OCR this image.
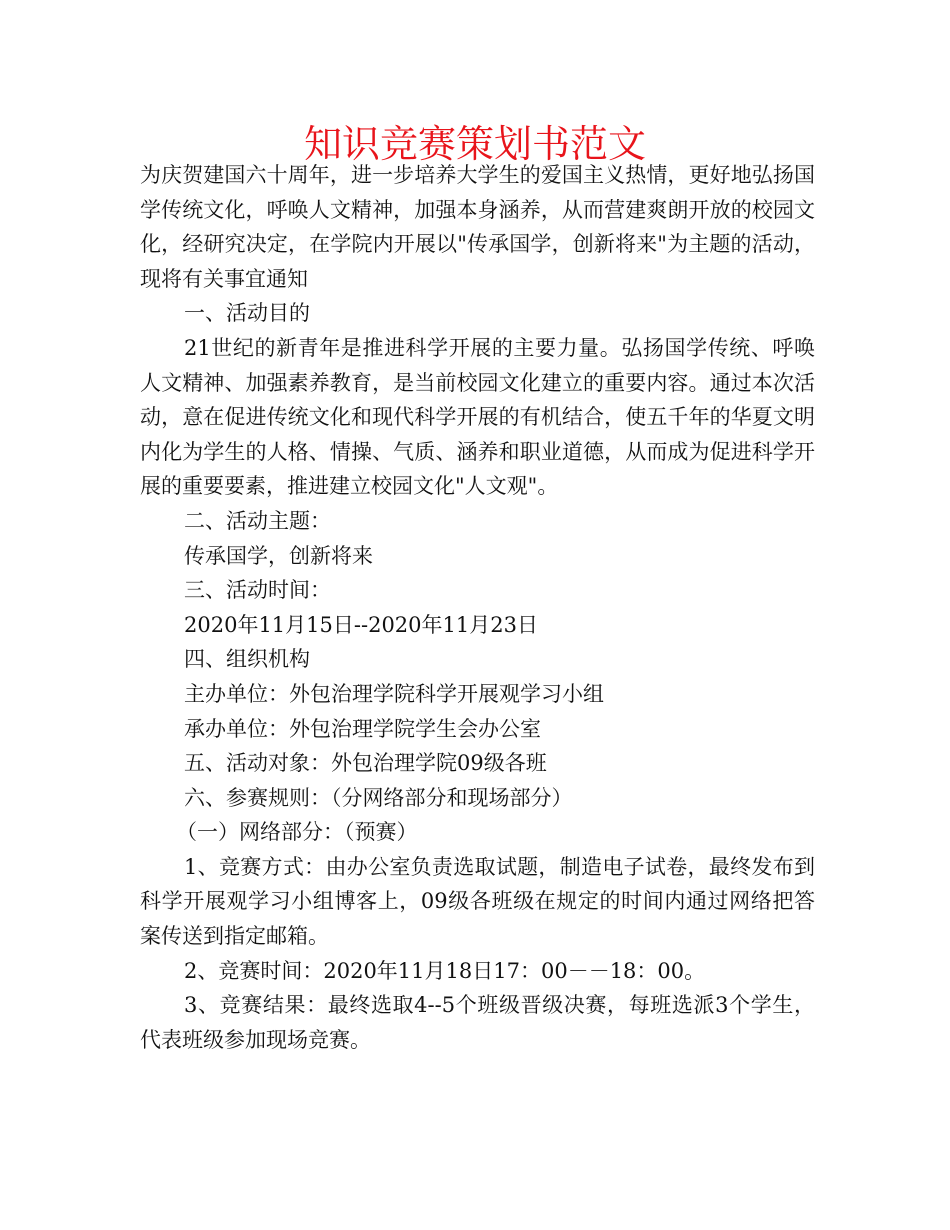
知识竞赛策划书范文

为庆贺建国六十周年，进一步培养大学生的爱国主义热情，更好地弘扬国学传统文化，呼唤人文精神，加强本身涵养，从而营建爽朗开放的校园文化，经研究决定，在学院内开展以"传承国学，创新将来"为主题的活动，现将有关事宜通知

一、活动目的

21世纪的新青年是推进科学开展的主要力量。弘扬国学传统、呼唤人文精神、加强素养教育，是当前校园文化建立的重要内容。通过本次活动，意在促进传统文化和现代科学开展的有机结合，使五千年的华夏文明内化为学生的人格、情操、气质、涵养和职业道德，从而成为促进科学开展的重要要素，推进建立校园文化"人文观"。

二、活动主题：

传承国学，创新将来

三、活动时间：

2020年11月15日--2020年11月23日

四、组织机构

主办单位：外包治理学院科学开展观学习小组

承办单位：外包治理学院学生会办公室

五、活动对象：外包治理学院09级各班

六、参赛规则：（分网络部分和现场部分）

（一）网络部分：（预赛）

1、竞赛方式：由办公室负责选取试题，制造电子试卷，最终发布到科学开展观学习小组博客上，09级各班级在规定的时间内通过网络把答案传送到指定邮箱。

2、竞赛时间：2020年11月18日17：00－－18：00。

3、竞赛结果：最终选取4--5个班级晋级决赛，每班选派3个学生，代表班级参加现场竞赛。
